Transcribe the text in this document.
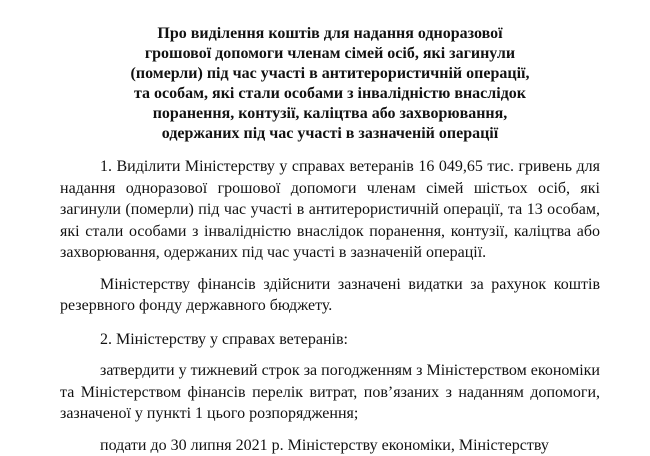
Про виділення коштів для надання одноразової
грошової допомоги членам сімей осіб, які загинули
(померли) під час участі в антитерористичній операції,
та особам, які стали особами з інвалідністю внаслідок
поранення, контузії, каліцтва або захворювання,
одержаних під час участі в зазначеній операції

1. Виділити Міністерству у справах ветеранів 16 049,65 тис. гривень для надання одноразової грошової допомоги членам сімей шістьох осіб, які загинули (померли) під час участі в антитерористичній операції, та 13 особам, які стали особами з інвалідністю внаслідок поранення, контузії, каліцтва або захворювання, одержаних під час участі в зазначеній операції.

Міністерству фінансів здійснити зазначені видатки за рахунок коштів резервного фонду державного бюджету.

2. Міністерству у справах ветеранів:

затвердити у тижневий строк за погодженням з Міністерством економіки та Міністерством фінансів перелік витрат, пов’язаних з наданням допомоги, зазначеної у пункті 1 цього розпорядження;

подати до 30 липня 2021 р. Міністерству економіки, Міністерству
